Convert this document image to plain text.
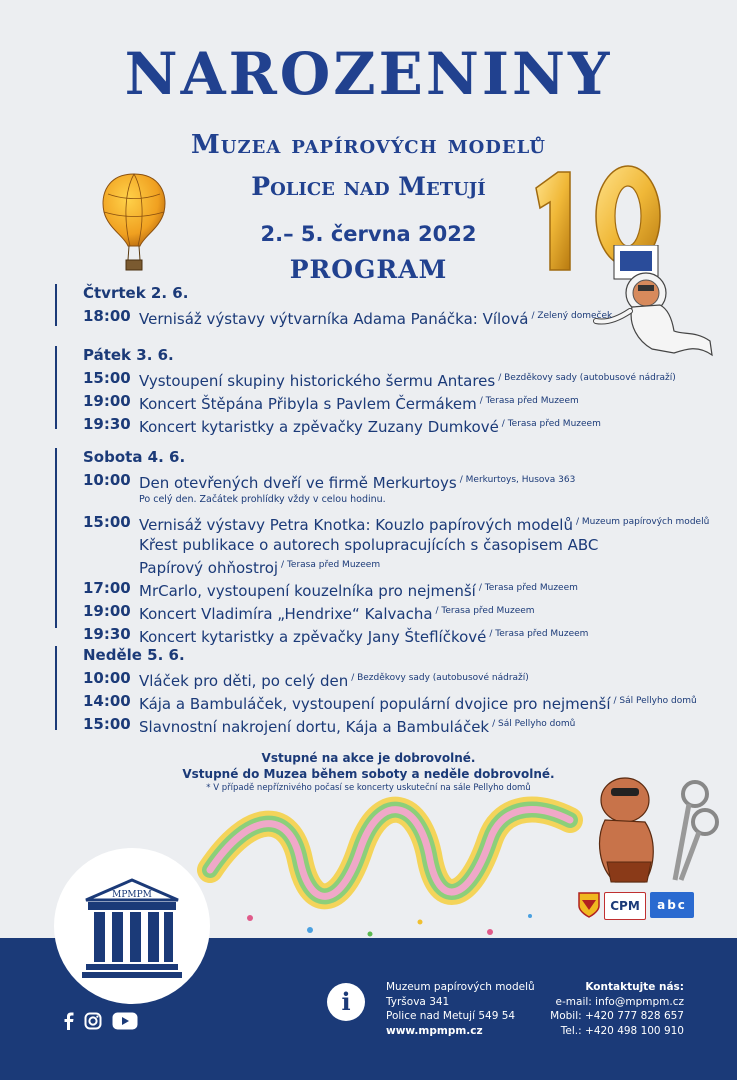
NAROZENINY
Muzea papírových modelů
Police nad Metují
2.– 5. června 2022
PROGRAM
Čtvrtek 2. 6.
18:00 Vernisáž výstavy výtvarníka Adama Panáčka: Vílová $^{/ Zelený domeček}$
Pátek 3. 6.
15:00 Vystoupení skupiny historického šermu Antares $^{/ Bezděkovy sady (autobusové nádraží)}$
19:00 Koncert Štěpána Přibyla s Pavlem Čermákem $^{/ Terasa před Muzeem}$
19:30 Koncert kytaristky a zpěvačky Zuzany Dumkové $^{/ Terasa před Muzeem}$
Sobota 4. 6.
10:00 Den otevřených dveří ve firmě Merkurtoys $^{/ Merkurtoys, Husova 363}$
Po celý den. Začátek prohlídky vždy v celou hodinu.
15:00 Vernisáž výstavy Petra Knotka: Kouzlo papírových modelů $^{/ Muzeum papírových modelů}$
Křest publikace o autorech spolupracujících s časopisem ABC
Papírový ohňostroj $^{/ Terasa před Muzeem}$
17:00 MrCarlo, vystoupení kouzelníka pro nejmenší $^{/ Terasa před Muzeem}$
19:00 Koncert Vladimíra „Hendrixe“ Kalvacha $^{/ Terasa před Muzeem}$
19:30 Koncert kytaristky a zpěvačky Jany Šteflíčkové $^{/ Terasa před Muzeem}$
Neděle 5. 6.
10:00 Vláček pro děti, po celý den $^{/ Bezděkovy sady (autobusové nádraží)}$
14:00 Kája a Bambuláček, vystoupení populární dvojice pro nejmenší $^{/ Sál Pellyho domů}$
15:00 Slavnostní nakrojení dortu, Kája a Bambuláček $^{/ Sál Pellyho domů}$
Vstupné na akce je dobrovolné.
Vstupné do Muzea během soboty a neděle dobrovolné.
* V případě nepříznivého počasí se koncerty uskuteční na sále Pellyho domů
CPM	abc
MPMPM
i	Muzeum papírových modelů
Tyršova 341
Police nad Metují 549 54
www.mpmpm.cz
Kontaktujte nás:
e-mail: info@mpmpm.cz
Mobil: +420 777 828 657
Tel.: +420 498 100 910
